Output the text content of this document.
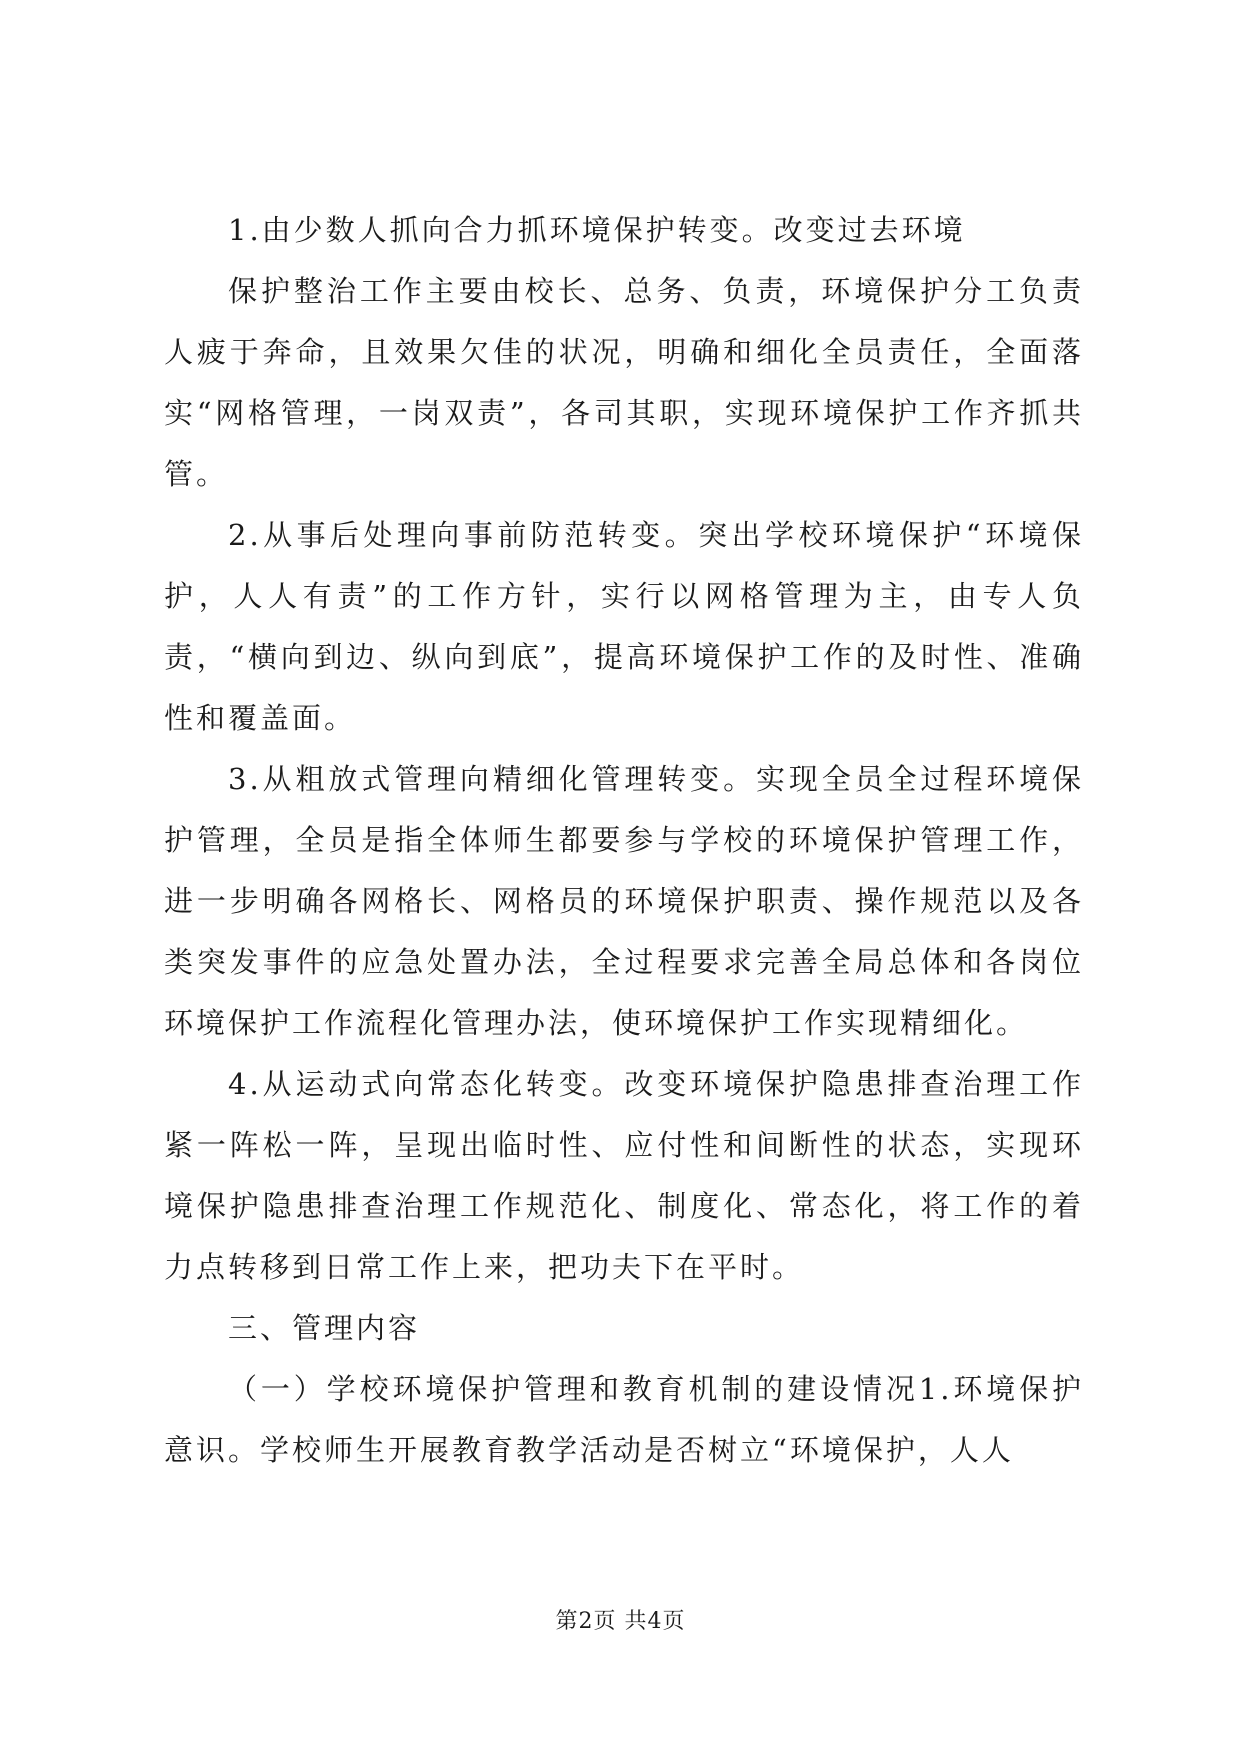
1.由少数人抓向合力抓环境保护转变。改变过去环境

保护整治工作主要由校长、总务、负责，环境保护分工负责人疲于奔命，且效果欠佳的状况，明确和细化全员责任，全面落实“网格管理，一岗双责”，各司其职，实现环境保护工作齐抓共管。

2.从事后处理向事前防范转变。突出学校环境保护“环境保护，人人有责”的工作方针，实行以网格管理为主，由专人负责，“横向到边、纵向到底”，提高环境保护工作的及时性、准确性和覆盖面。

3.从粗放式管理向精细化管理转变。实现全员全过程环境保护管理，全员是指全体师生都要参与学校的环境保护管理工作，进一步明确各网格长、网格员的环境保护职责、操作规范以及各类突发事件的应急处置办法，全过程要求完善全局总体和各岗位环境保护工作流程化管理办法，使环境保护工作实现精细化。

4.从运动式向常态化转变。改变环境保护隐患排查治理工作紧一阵松一阵，呈现出临时性、应付性和间断性的状态，实现环境保护隐患排查治理工作规范化、制度化、常态化，将工作的着力点转移到日常工作上来，把功夫下在平时。

三、管理内容

（一）学校环境保护管理和教育机制的建设情况1.环境保护意识。学校师生开展教育教学活动是否树立“环境保护，人人

第2页 共4页
